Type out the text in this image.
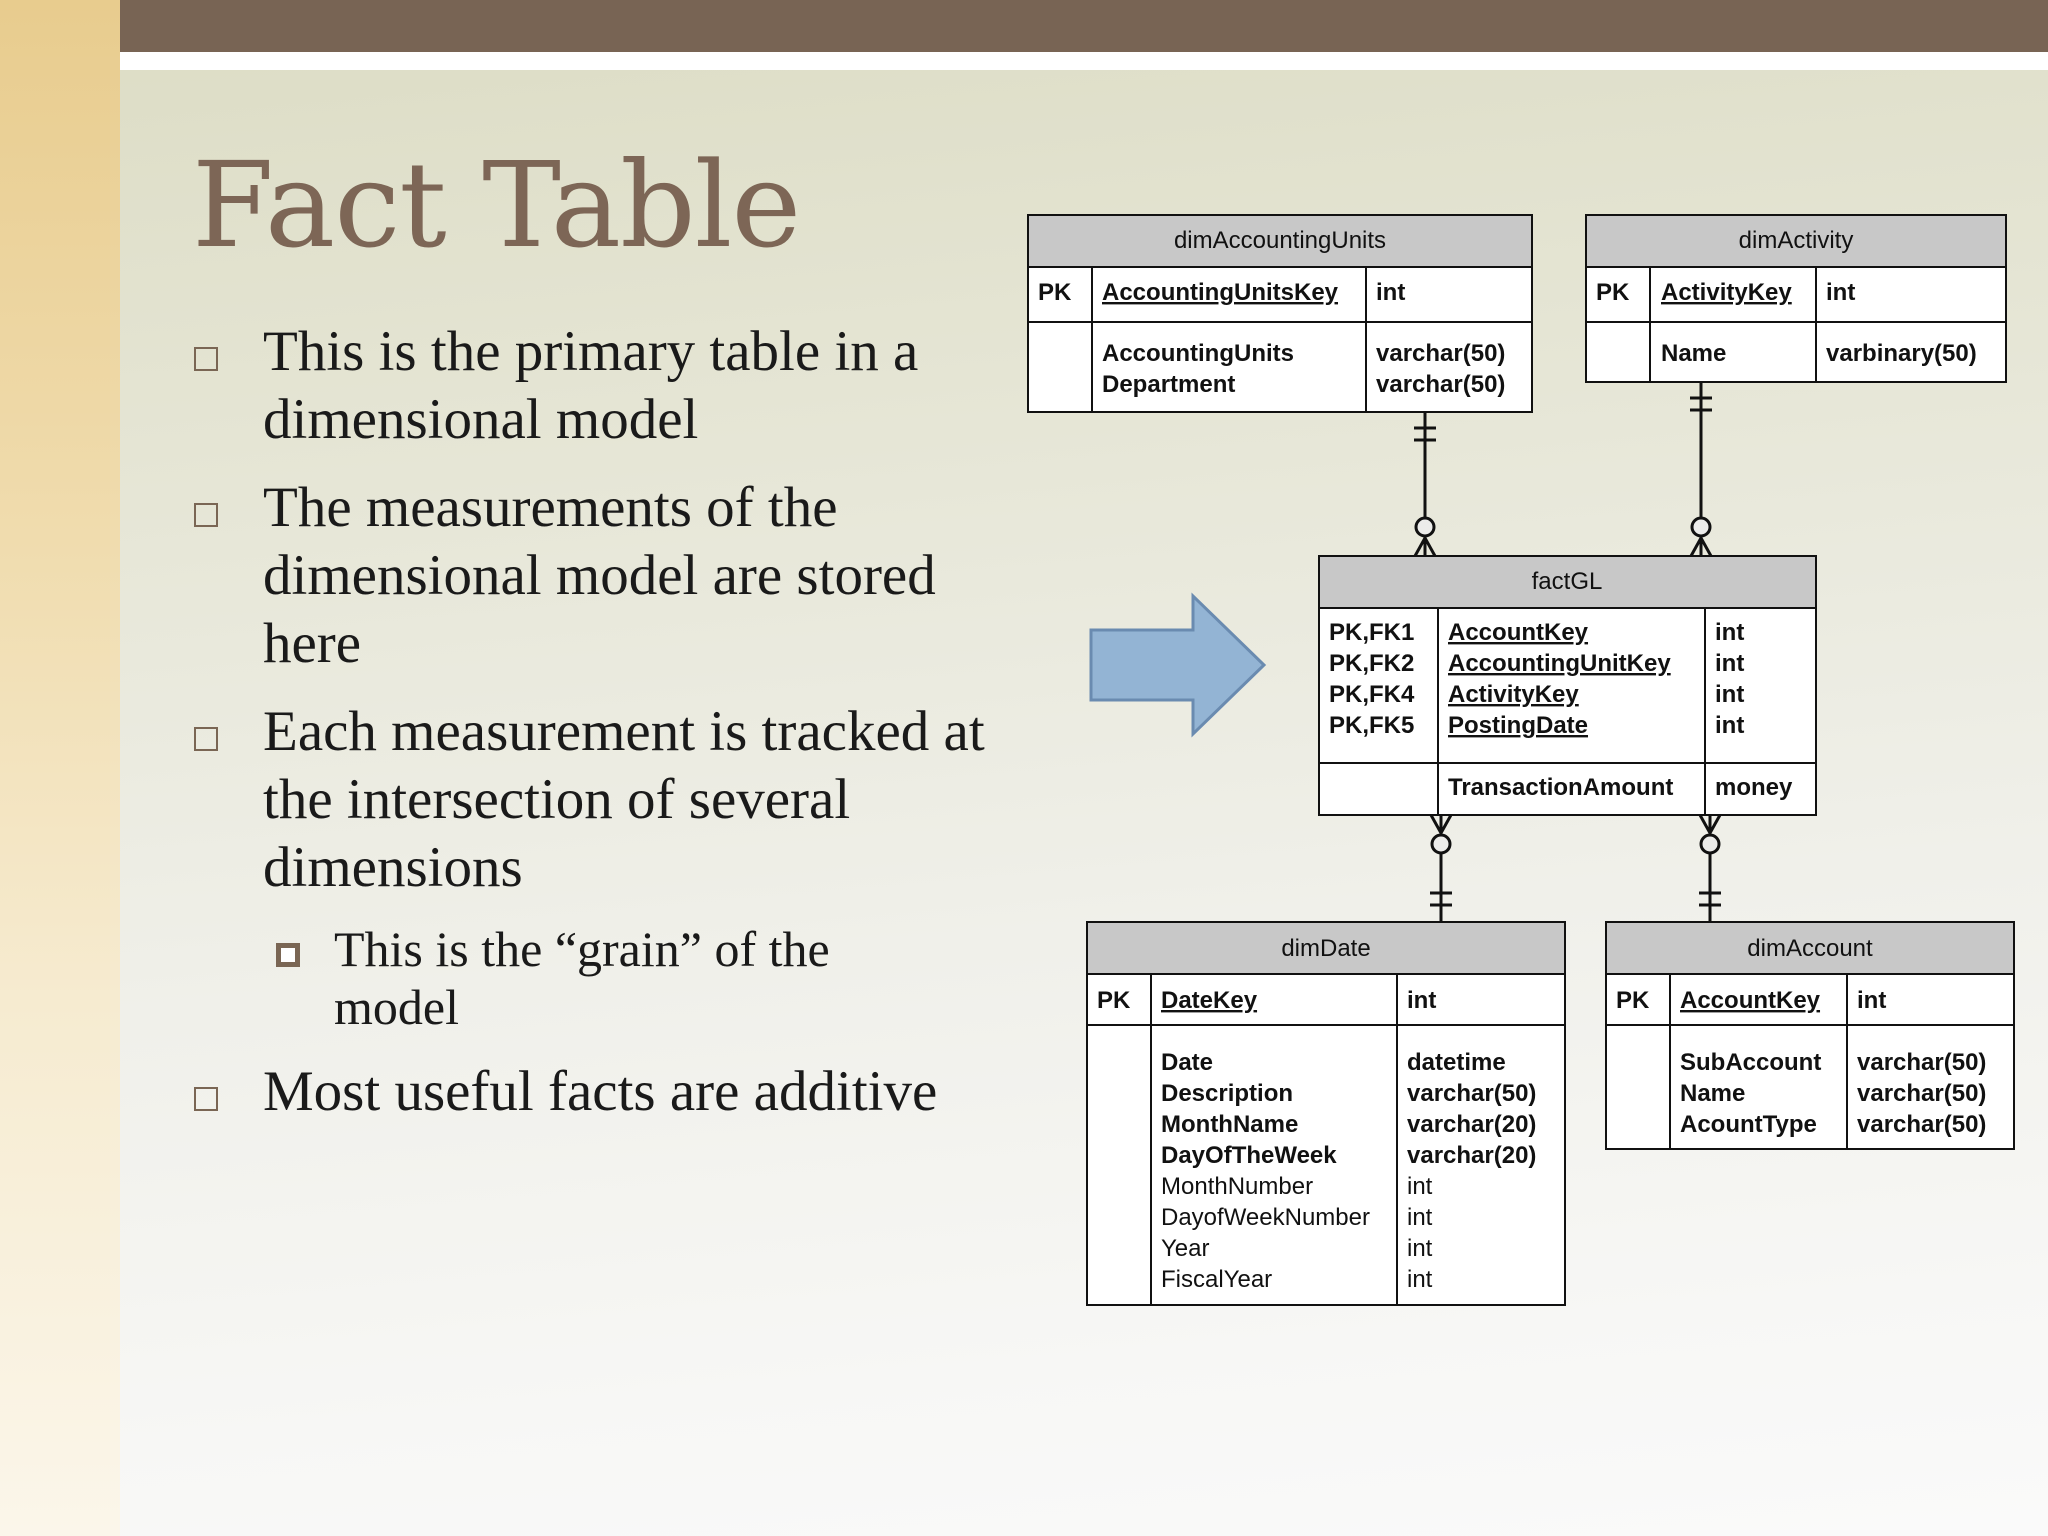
Fact Table
This is the primary table in a dimensional model
The measurements of the dimensional model are stored here
Each measurement is tracked at the intersection of several dimensions
This is the “grain” of the model
Most useful facts are additive
dimAccountingUnits
PK AccountingUnitsKey int
AccountingUnits	varchar(50)
Department	varchar(50)
dimActivity
PK ActivityKey int
Name	varbinary(50)
factGL
PK,FK1 AccountKey	int
PK,FK2 AccountingUnitKey int
PK,FK4 ActivityKey	int
PK,FK5 PostingDate	int
TransactionAmount money
dimDate
PK DateKey	int
Date	datetime
Description	varchar(50)
MonthName	varchar(20)
DayOfTheWeek	varchar(20)
MonthNumber	int
DayofWeekNumber int
Year	int
FiscalYear	int
dimAccount
PK AccountKey int
SubAccount varchar(50)
Name	varchar(50)
AcountType varchar(50)
